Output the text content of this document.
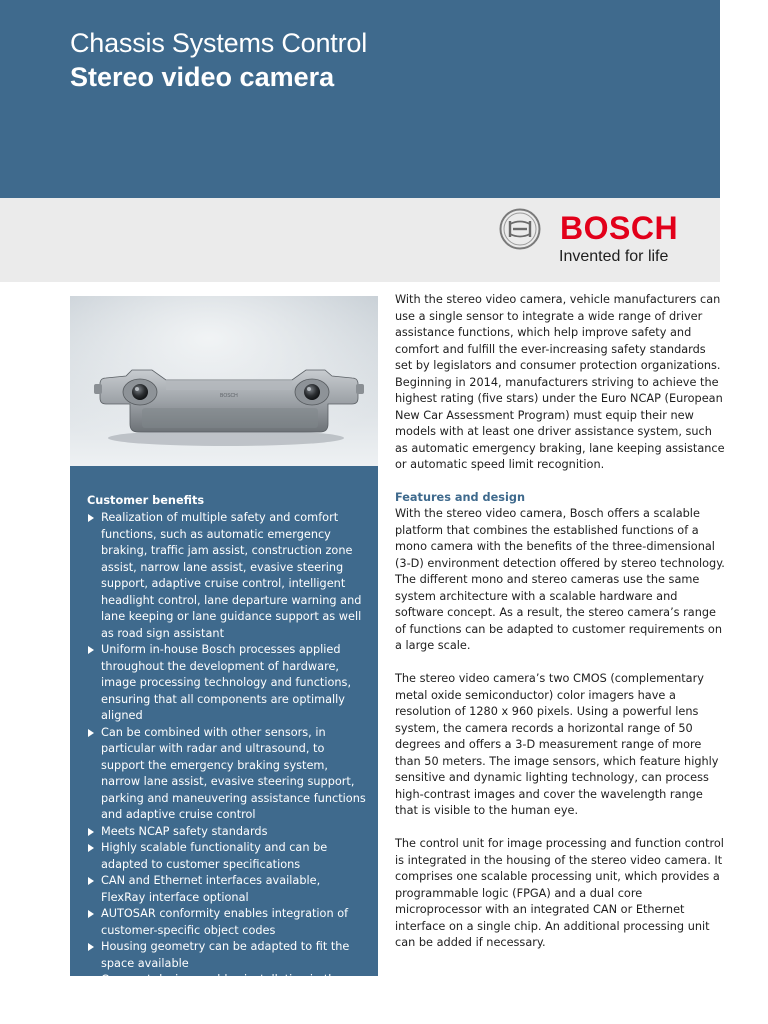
Chassis Systems Control
Stereo video camera
BOSCH
Invented for life
BOSCH
Customer benefits
Realization of multiple safety and comfort functions, such as automatic emergency braking, traffic jam assist, construction zone assist, narrow lane assist, evasive steering support, adaptive cruise control, intelligent headlight control, lane departure warning and lane keeping or lane guidance support as well as road sign assistant
Uniform in-house Bosch processes applied throughout the development of hardware, image processing technology and functions, ensuring that all components are optimally aligned
Can be combined with other sensors, in particular with radar and ultrasound, to support the emergency braking system, narrow lane assist, evasive steering support, parking and maneuvering assistance functions and adaptive cruise control
Meets NCAP safety standards
Highly scalable functionality and can be adapted to customer specifications
CAN and Ethernet interfaces available, FlexRay interface optional
AUTOSAR conformity enables integration of customer-specific object codes
Housing geometry can be adapted to fit the space available
Compact design enables installation in the crash-protected area of the interior rear-view mirror, with minimal reduction in visibility

With the stereo video camera, vehicle manufacturers can use a single sensor to integrate a wide range of driver assistance functions, which help improve safety and comfort and fulfill the ever-increasing safety standards set by legislators and consumer protection organizations. Beginning in 2014, manufacturers striving to achieve the highest rating (five stars) under the Euro NCAP (European New Car Assessment Program) must equip their new models with at least one driver assistance system, such as automatic emergency braking, lane keeping assistance or automatic speed limit recognition.

Features and design

With the stereo video camera, Bosch offers a scalable platform that combines the established functions of a mono camera with the benefits of the three-dimensional (3-D) environment detection offered by stereo technology. The different mono and stereo cameras use the same system architecture with a scalable hardware and software concept. As a result, the stereo camera’s range of functions can be adapted to customer requirements on a large scale.

The stereo video camera’s two CMOS (complementary metal oxide semiconductor) color imagers have a resolution of 1280 x 960 pixels. Using a powerful lens system, the camera records a horizontal range of 50 degrees and offers a 3-D measurement range of more than 50 meters. The image sensors, which feature highly sensitive and dynamic lighting technology, can process high-contrast images and cover the wavelength range that is visible to the human eye.

The control unit for image processing and function control is integrated in the housing of the stereo video camera. It comprises one scalable processing unit, which provides a programmable logic (FPGA) and a dual core microprocessor with an integrated CAN or Ethernet interface on a single chip. An additional processing unit can be added if necessary.
